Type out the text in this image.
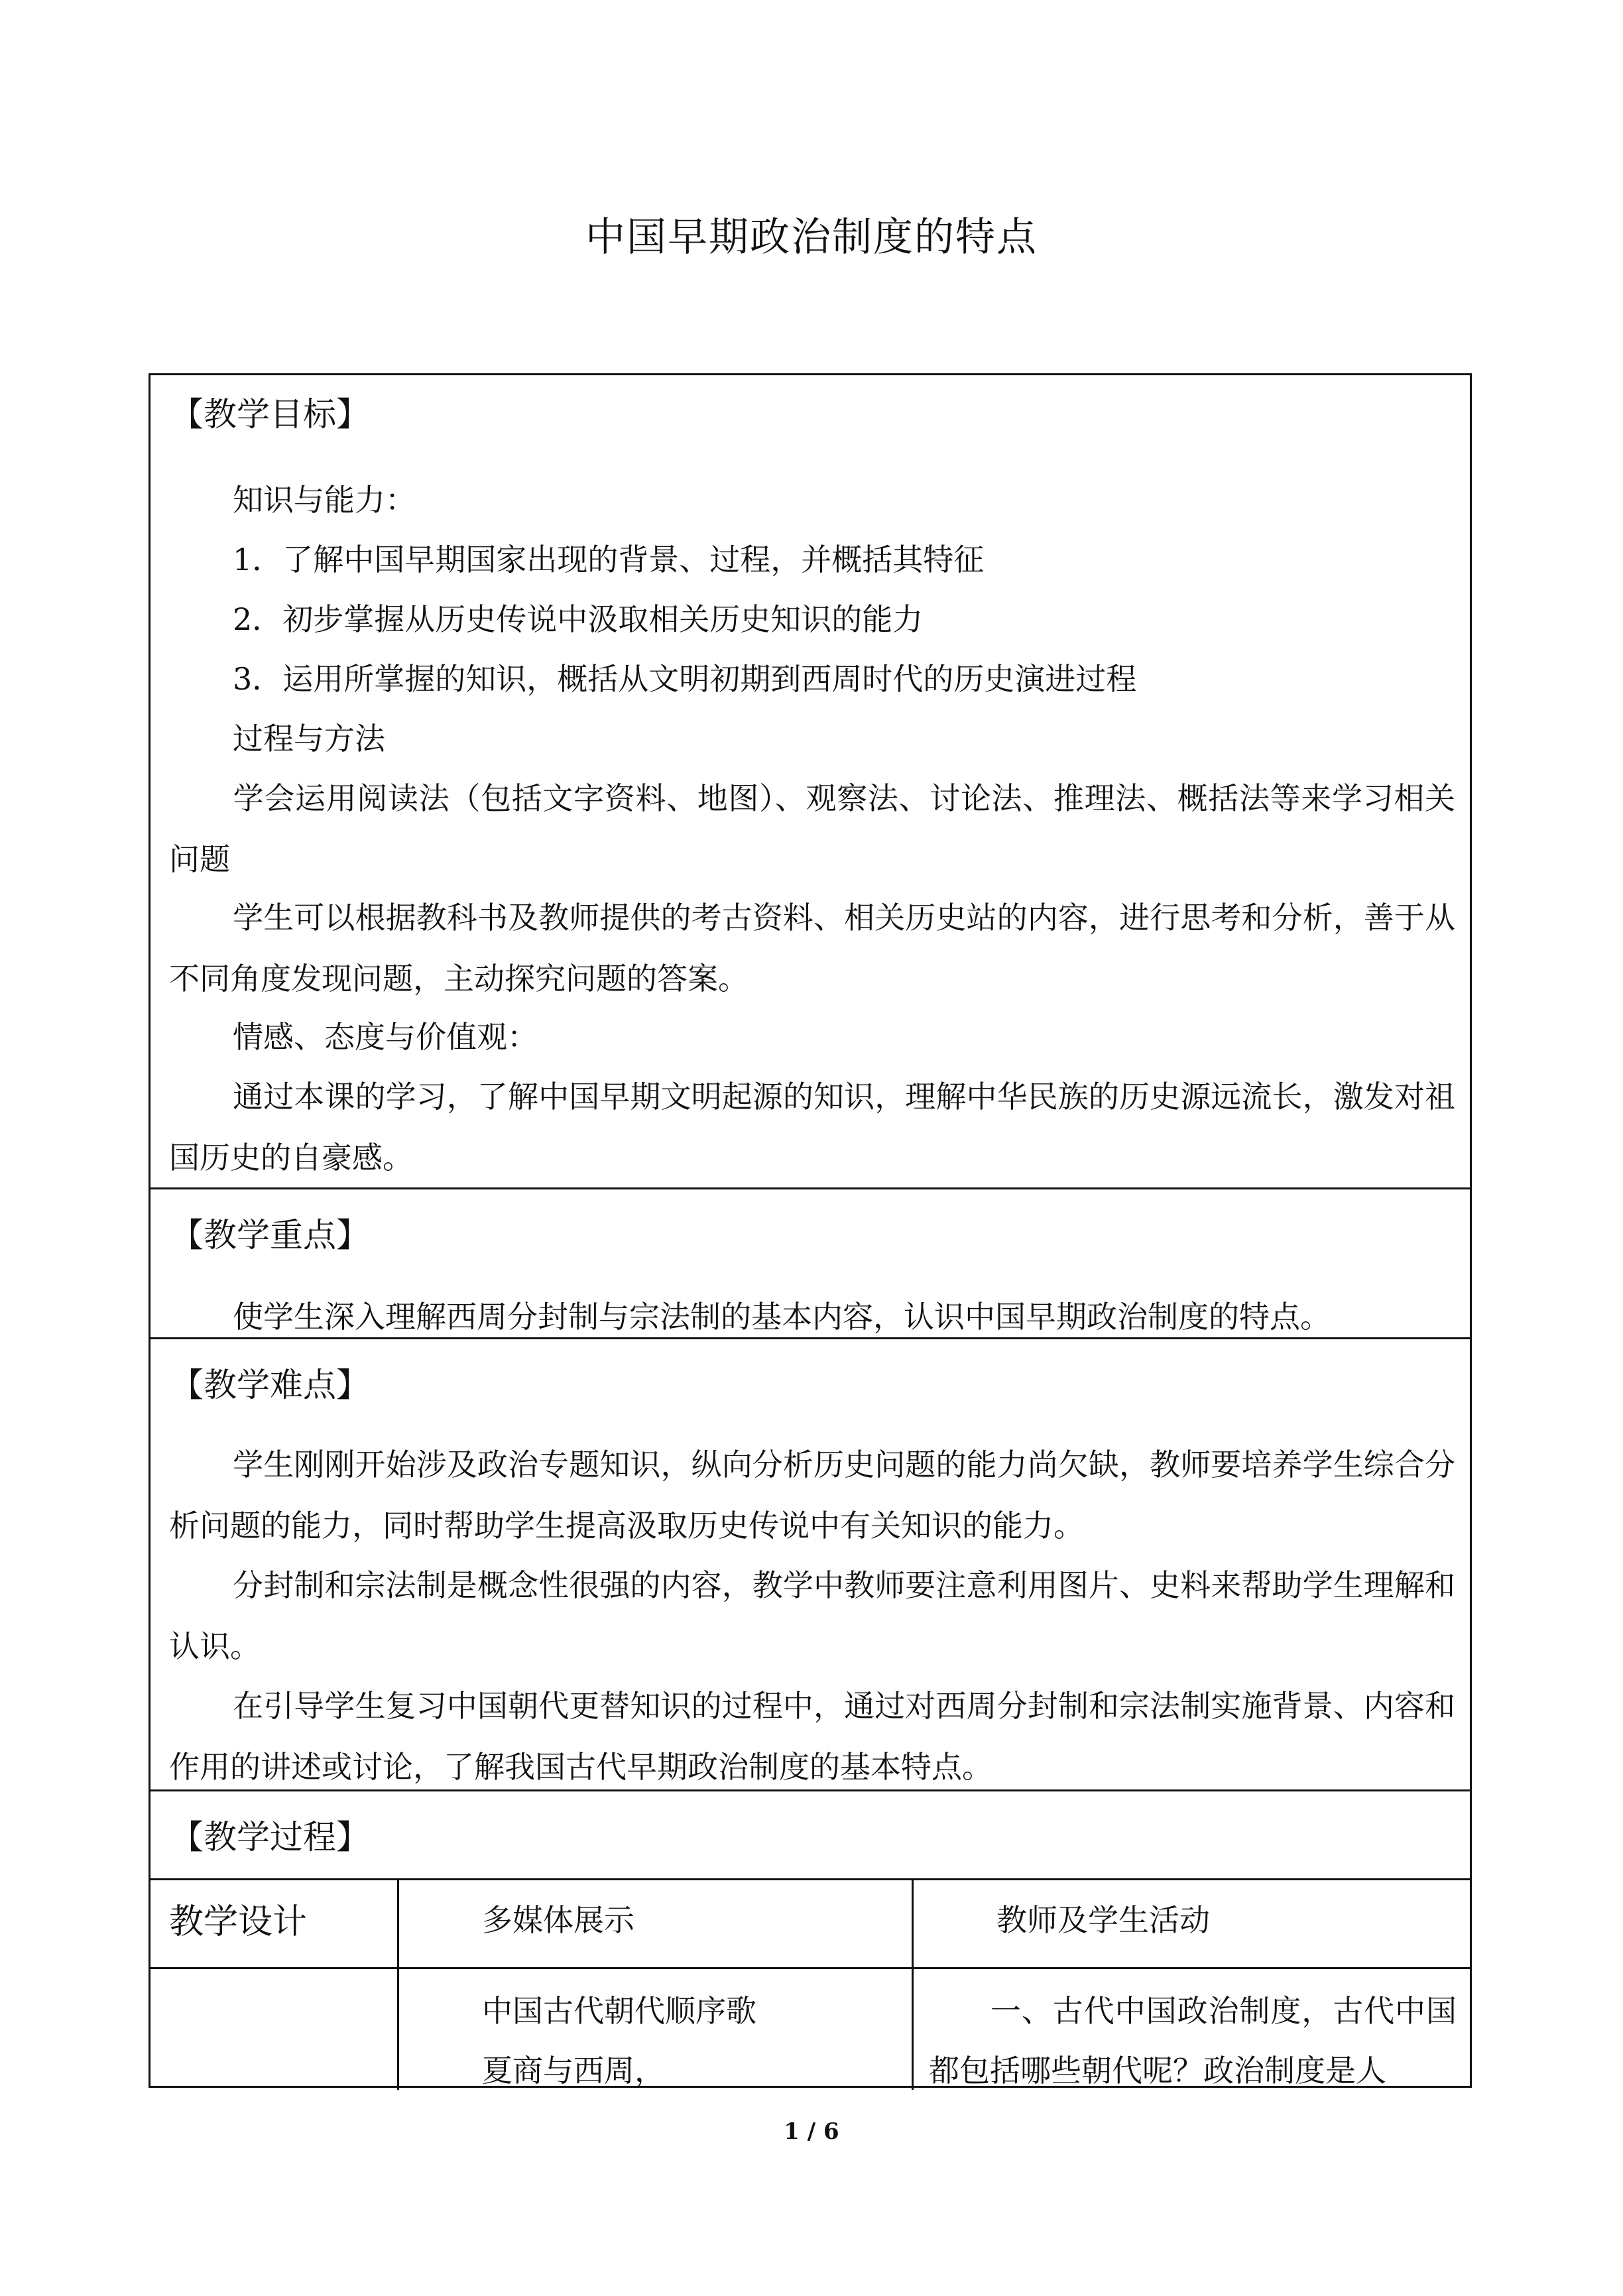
中国早期政治制度的特点
【教学目标】
知识与能力：
1．了解中国早期国家出现的背景、过程，并概括其特征
2．初步掌握从历史传说中汲取相关历史知识的能力
3．运用所掌握的知识，概括从文明初期到西周时代的历史演进过程
过程与方法
学会运用阅读法（包括文字资料、地图）、观察法、讨论法、推理法、概括法等来学习相关问题
学生可以根据教科书及教师提供的考古资料、相关历史站的内容，进行思考和分析，善于从不同角度发现问题，主动探究问题的答案。
情感、态度与价值观：
通过本课的学习，了解中国早期文明起源的知识，理解中华民族的历史源远流长，激发对祖国历史的自豪感。
【教学重点】
使学生深入理解西周分封制与宗法制的基本内容，认识中国早期政治制度的特点。
【教学难点】
学生刚刚开始涉及政治专题知识，纵向分析历史问题的能力尚欠缺，教师要培养学生综合分析问题的能力，同时帮助学生提高汲取历史传说中有关知识的能力。
分封制和宗法制是概念性很强的内容，教学中教师要注意利用图片、史料来帮助学生理解和认识。
在引导学生复习中国朝代更替知识的过程中，通过对西周分封制和宗法制实施背景、内容和作用的讲述或讨论，了解我国古代早期政治制度的基本特点。
【教学过程】
教学设计	多媒体展示	教师及学生活动
中国古代朝代顺序歌
夏商与西周，
一、古代中国政治制度，古代中国都包括哪些朝代呢？政治制度是人
1 / 6
